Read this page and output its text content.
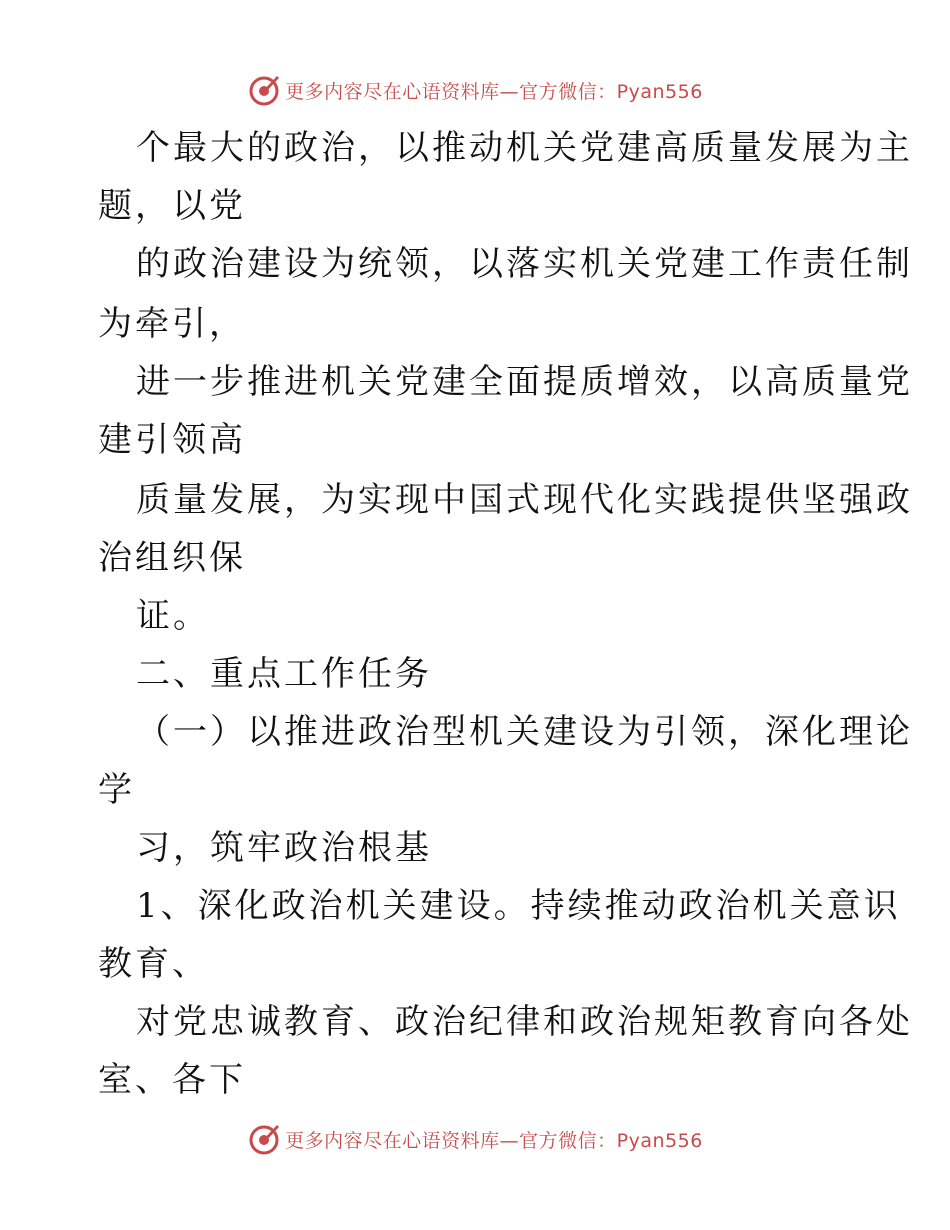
更多内容尽在心语资料库—官方微信：Pyan556
个最大的政治，以推动机关党建高质量发展为主
题，以党
的政治建设为统领，以落实机关党建工作责任制
为牵引，
进一步推进机关党建全面提质增效，以高质量党
建引领高
质量发展，为实现中国式现代化实践提供坚强政
治组织保
证。
二、重点工作任务
（一）以推进政治型机关建设为引领，深化理论
学
习，筑牢政治根基
1、深化政治机关建设。持续推动政治机关意识
教育、
对党忠诚教育、政治纪律和政治规矩教育向各处
室、各下
更多内容尽在心语资料库—官方微信：Pyan556
